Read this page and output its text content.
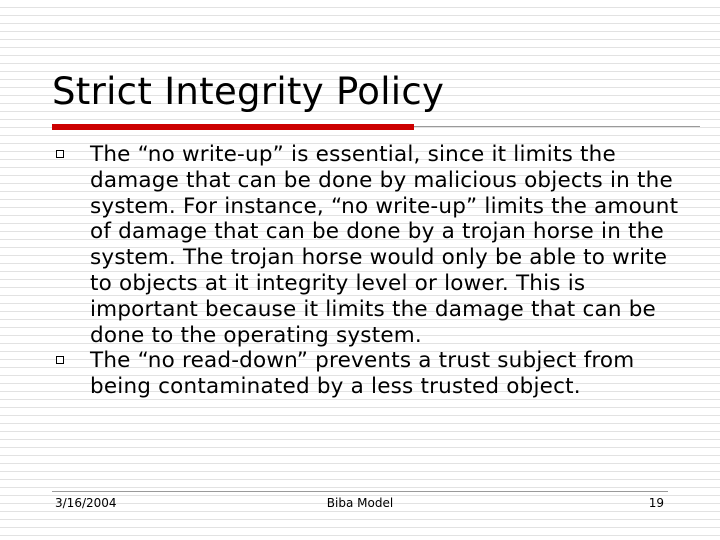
Strict Integrity Policy
The “no write-up” is essential, since it limits the damage that can be done by malicious objects in the system. For instance, “no write-up” limits the amount of damage that can be done by a trojan horse in the system. The trojan horse would only be able to write to objects at it integrity level or lower. This is important because it limits the damage that can be done to the operating system.
The “no read-down” prevents a trust subject from being contaminated by a less trusted object.
3/16/2004	Biba Model	19
